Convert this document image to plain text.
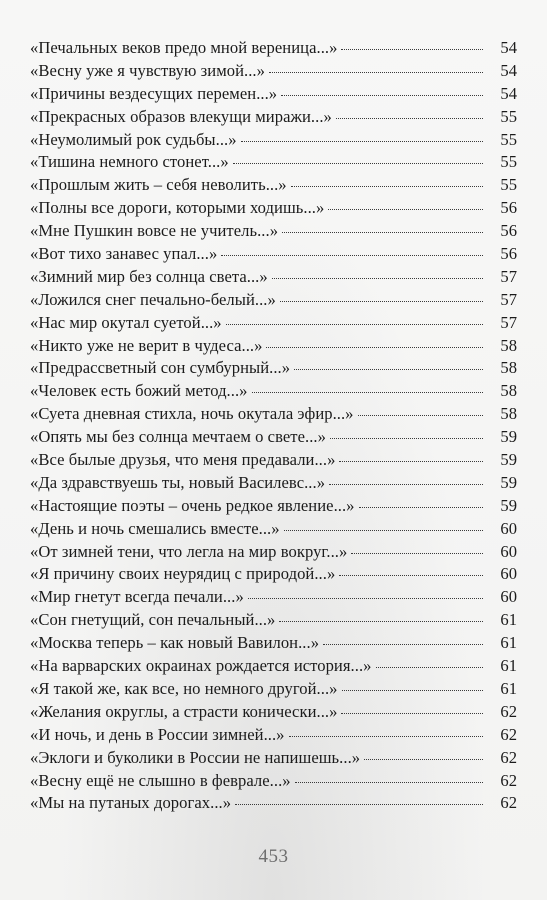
«Печальных веков предо мной вереница...»	54
«Весну уже я чувствую зимой...»	54
«Причины вездесущих перемен...»	54
«Прекрасных образов влекущи миражи...»	55
«Неумолимый рок судьбы...»	55
«Тишина немного стонет...»	55
«Прошлым жить – себя неволить...»	55
«Полны все дороги, которыми ходишь...»	56
«Мне Пушкин вовсе не учитель...»	56
«Вот тихо занавес упал...»	56
«Зимний мир без солнца света...»	57
«Ложился снег печально-белый...»	57
«Нас мир окутал суетой...»	57
«Никто уже не верит в чудеса...»	58
«Предрассветный сон сумбурный...»	58
«Человек есть божий метод...»	58
«Суета дневная стихла, ночь окутала эфир...»	58
«Опять мы без солнца мечтаем о свете...»	59
«Все былые друзья, что меня предавали...»	59
«Да здравствуешь ты, новый Василевс...»	59
«Настоящие поэты – очень редкое явление...»	59
«День и ночь смешались вместе...»	60
«От зимней тени, что легла на мир вокруг...»	60
«Я причину своих неурядиц с природой...»	60
«Мир гнетут всегда печали...»	60
«Сон гнетущий, сон печальный...»	61
«Москва теперь – как новый Вавилон...»	61
«На варварских окраинах рождается история...»	61
«Я такой же, как все, но немного другой...»	61
«Желания округлы, а страсти конически...»	62
«И ночь, и день в России зимней...»	62
«Эклоги и буколики в России не напишешь...»	62
«Весну ещё не слышно в феврале...»	62
«Мы на путаных дорогах...»	62
453
